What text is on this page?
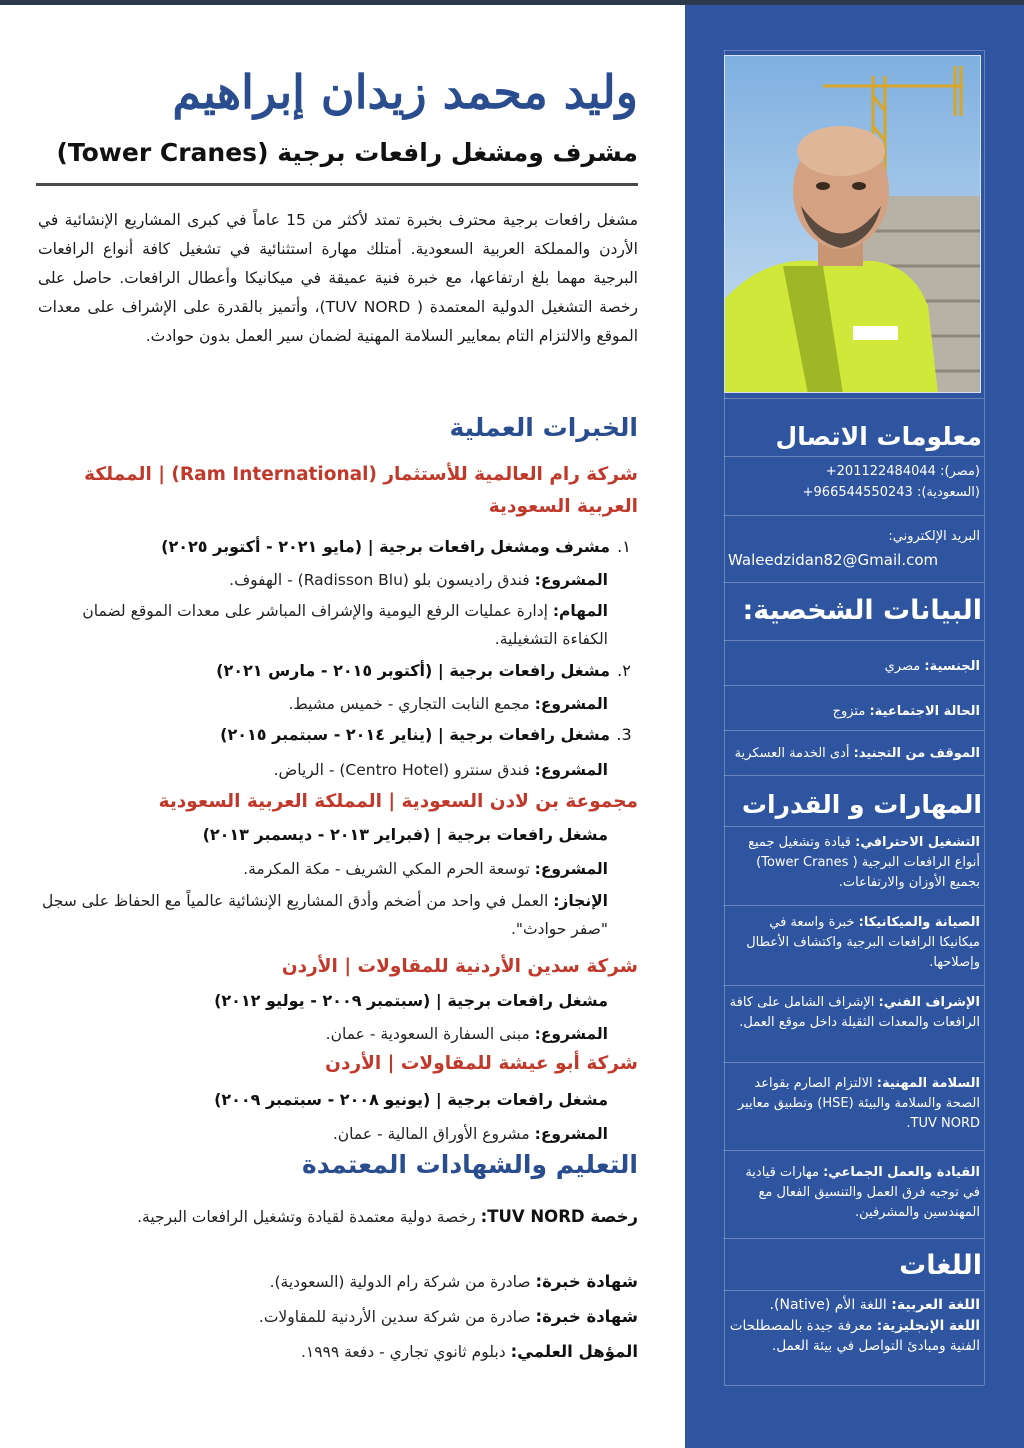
معلومات الاتصال
(مصر): +201122484044
(السعودية): +966544550243
البريد الإلكتروني:
Waleedzidan82@Gmail.com
البيانات الشخصية:
الجنسية: مصري
الحالة الاجتماعية: متزوج
الموقف من التجنيد: أدى الخدمة العسكرية
المهارات و القدرات
التشغيل الاحترافي: قيادة وتشغيل جميع أنواع الرافعات البرجية ( Tower Cranes) بجميع الأوزان والارتفاعات.
الصيانة والميكانيكا: خبرة واسعة في ميكانيكا الرافعات البرجية واكتشاف الأعطال وإصلاحها.
الإشراف الفني: الإشراف الشامل على كافة الرافعات والمعدات الثقيلة داخل موقع العمل.
السلامة المهنية: الالتزام الصارم بقواعد الصحة والسلامة والبيئة (HSE) وتطبيق معايير TUV NORD.
القيادة والعمل الجماعي: مهارات قيادية في توجيه فرق العمل والتنسيق الفعال مع المهندسين والمشرفين.
اللغات
اللغة العربية: اللغة الأم (Native).
اللغة الإنجليزية: معرفة جيدة بالمصطلحات الفنية ومبادئ التواصل في بيئة العمل.
وليد محمد زيدان إبراهيم
مشرف ومشغل رافعات برجية (Tower Cranes)
مشغل رافعات برجية محترف بخبرة تمتد لأكثر من 15 عاماً في كبرى المشاريع الإنشائية في الأردن والمملكة العربية السعودية. أمتلك مهارة استثنائية في تشغيل كافة أنواع الرافعات البرجية مهما بلغ ارتفاعها، مع خبرة فنية عميقة في ميكانيكا وأعطال الرافعات. حاصل على رخصة التشغيل الدولية المعتمدة ( TUV NORD)، وأتميز بالقدرة على الإشراف على معدات الموقع والالتزام التام بمعايير السلامة المهنية لضمان سير العمل بدون حوادث.
الخبرات العملية
شركة رام العالمية للأستثمار (Ram International) | المملكة العربية السعودية
١.مشرف ومشغل رافعات برجية | (مايو ٢٠٢١ - أكتوبر ٢٠٢٥)
المشروع: فندق راديسون بلو (Radisson Blu) - الهفوف.
المهام: إدارة عمليات الرفع اليومية والإشراف المباشر على معدات الموقع لضمان الكفاءة التشغيلية.
٢.مشغل رافعات برجية | (أكتوبر ٢٠١٥ - مارس ٢٠٢١)
المشروع: مجمع النابت التجاري - خميس مشيط.
3.مشغل رافعات برجية | (يناير ٢٠١٤ - سبتمبر ٢٠١٥)
المشروع: فندق سنترو (Centro Hotel) - الرياض.
مجموعة بن لادن السعودية | المملكة العربية السعودية
مشغل رافعات برجية | (فبراير ٢٠١٣ - ديسمبر ٢٠١٣)
المشروع: توسعة الحرم المكي الشريف - مكة المكرمة.
الإنجاز: العمل في واحد من أضخم وأدق المشاريع الإنشائية عالمياً مع الحفاظ على سجل "صفر حوادث".
شركة سدين الأردنية للمقاولات | الأردن
مشغل رافعات برجية | (سبتمبر ٢٠٠٩ - يوليو ٢٠١٢)
المشروع: مبنى السفارة السعودية - عمان.
شركة أبو عيشة للمقاولات | الأردن
مشغل رافعات برجية | (يونيو ٢٠٠٨ - سبتمبر ٢٠٠٩)
المشروع: مشروع الأوراق المالية - عمان.
التعليم والشهادات المعتمدة
رخصة TUV NORD: رخصة دولية معتمدة لقيادة وتشغيل الرافعات البرجية.
شهادة خبرة: صادرة من شركة رام الدولية (السعودية).
شهادة خبرة: صادرة من شركة سدين الأردنية للمقاولات.
المؤهل العلمي: دبلوم ثانوي تجاري - دفعة ١٩٩٩.
